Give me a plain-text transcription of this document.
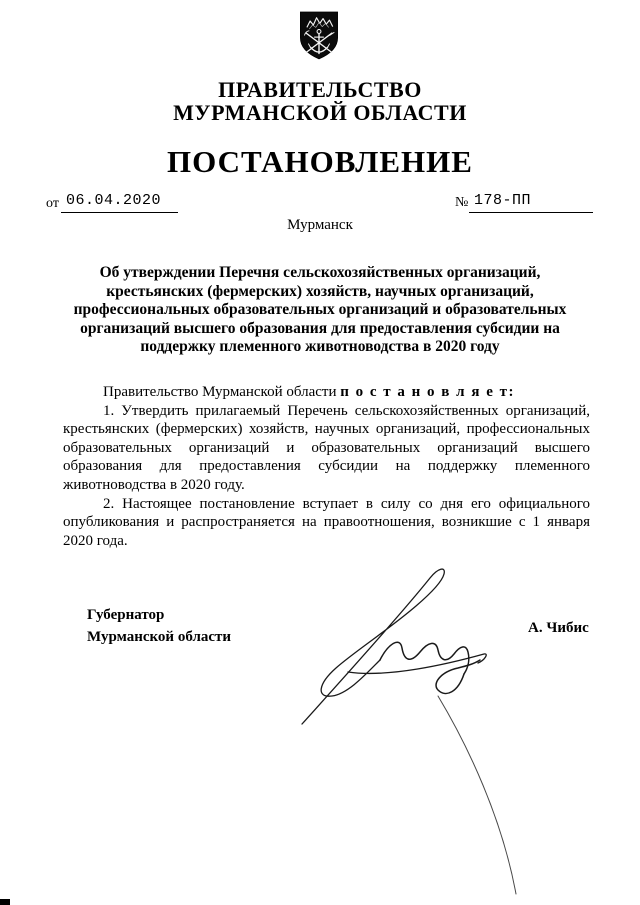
ПРАВИТЕЛЬСТВО
МУРМАНСКОЙ ОБЛАСТИ
ПОСТАНОВЛЕНИЕ
от 06.04.2020	№ 178-ПП
Мурманск
Об утверждении Перечня сельскохозяйственных организаций, крестьянских (фермерских) хозяйств, научных организаций, профессиональных образовательных организаций и образовательных организаций высшего образования для предоставления субсидии на поддержку племенного животноводства в 2020 году

Правительство Мурманской области п о с т а н о в л я е т:

1. Утвердить прилагаемый Перечень сельскохозяйственных организаций, крестьянских (фермерских) хозяйств, научных организаций, профессиональных образовательных организаций и образовательных организаций высшего образования для предоставления субсидии на поддержку племенного животноводства в 2020 году.

2. Настоящее постановление вступает в силу со дня его официального опубликования и распространяется на правоотношения, возникшие с 1 января 2020 года.

Губернатор
Мурманской области
А. Чибис
